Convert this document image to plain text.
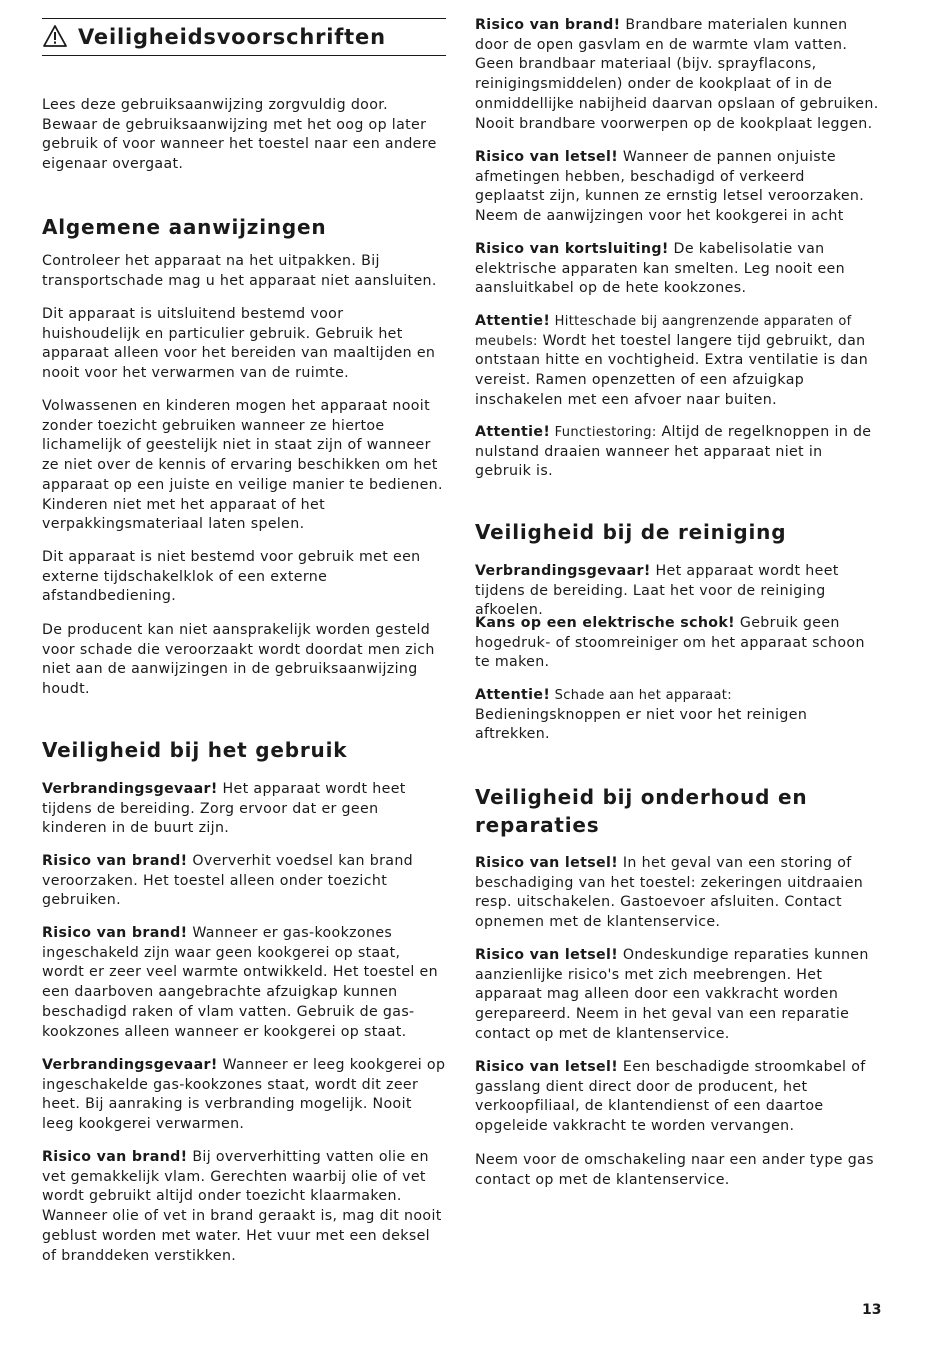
Veiligheidsvoorschriften

Lees deze gebruiksaanwijzing zorgvuldig door. Bewaar de gebruiksaanwijzing met het oog op later gebruik of voor wanneer het toestel naar een andere eigenaar overgaat.

Algemene aanwijzingen

Controleer het apparaat na het uitpakken. Bij transportschade mag u het apparaat niet aansluiten.

Dit apparaat is uitsluitend bestemd voor huishoudelijk en particulier gebruik. Gebruik het apparaat alleen voor het bereiden van maaltijden en nooit voor het verwarmen van de ruimte.

Volwassenen en kinderen mogen het apparaat nooit zonder toezicht gebruiken wanneer ze hiertoe lichamelijk of geestelijk niet in staat zijn of wanneer ze niet over de kennis of ervaring beschikken om het apparaat op een juiste en veilige manier te bedienen. Kinderen niet met het apparaat of het verpakkingsmateriaal laten spelen.

Dit apparaat is niet bestemd voor gebruik met een externe tijdschakelklok of een externe afstandbediening.

De producent kan niet aansprakelijk worden gesteld voor schade die veroorzaakt wordt doordat men zich niet aan de aanwijzingen in de gebruiksaanwijzing houdt.

Veiligheid bij het gebruik

Verbrandingsgevaar! Het apparaat wordt heet tijdens de bereiding. Zorg ervoor dat er geen kinderen in de buurt zijn.

Risico van brand! Oververhit voedsel kan brand veroorzaken. Het toestel alleen onder toezicht gebruiken.

Risico van brand! Wanneer er gas-kookzones ingeschakeld zijn waar geen kookgerei op staat, wordt er zeer veel warmte ontwikkeld. Het toestel en een daarboven aangebrachte afzuigkap kunnen beschadigd raken of vlam vatten. Gebruik de gas-kookzones alleen wanneer er kookgerei op staat.

Verbrandingsgevaar! Wanneer er leeg kookgerei op ingeschakelde gas-kookzones staat, wordt dit zeer heet. Bij aanraking is verbranding mogelijk. Nooit leeg kookgerei verwarmen.

Risico van brand! Bij oververhitting vatten olie en vet gemakkelijk vlam. Gerechten waarbij olie of vet wordt gebruikt altijd onder toezicht klaarmaken. Wanneer olie of vet in brand geraakt is, mag dit nooit geblust worden met water. Het vuur met een deksel of branddeken verstikken.

Risico van brand! Brandbare materialen kunnen door de open gasvlam en de warmte vlam vatten. Geen brandbaar materiaal (bijv. sprayflacons, reinigingsmiddelen) onder de kookplaat of in de onmiddellijke nabijheid daarvan opslaan of gebruiken. Nooit brandbare voorwerpen op de kookplaat leggen.

Risico van letsel! Wanneer de pannen onjuiste afmetingen hebben, beschadigd of verkeerd geplaatst zijn, kunnen ze ernstig letsel veroorzaken. Neem de aanwijzingen voor het kookgerei in acht

Risico van kortsluiting! De kabelisolatie van elektrische apparaten kan smelten. Leg nooit een aansluitkabel op de hete kookzones.

Attentie! Hitteschade bij aangrenzende apparaten of meubels: Wordt het toestel langere tijd gebruikt, dan ontstaan hitte en vochtigheid. Extra ventilatie is dan vereist. Ramen openzetten of een afzuigkap inschakelen met een afvoer naar buiten.

Attentie! Functiestoring: Altijd de regelknoppen in de nulstand draaien wanneer het apparaat niet in gebruik is.

Veiligheid bij de reiniging

Verbrandingsgevaar! Het apparaat wordt heet tijdens de bereiding. Laat het voor de reiniging afkoelen.

Kans op een elektrische schok! Gebruik geen hogedruk- of stoomreiniger om het apparaat schoon te maken.

Attentie! Schade aan het apparaat: Bedieningsknoppen er niet voor het reinigen aftrekken.

Veiligheid bij onderhoud en reparaties

Risico van letsel! In het geval van een storing of beschadiging van het toestel: zekeringen uitdraaien resp. uitschakelen. Gastoevoer afsluiten. Contact opnemen met de klantenservice.

Risico van letsel! Ondeskundige reparaties kunnen aanzienlijke risico's met zich meebrengen. Het apparaat mag alleen door een vakkracht worden gerepareerd. Neem in het geval van een reparatie contact op met de klantenservice.

Risico van letsel! Een beschadigde stroomkabel of gasslang dient direct door de producent, het verkoopfiliaal, de klantendienst of een daartoe opgeleide vakkracht te worden vervangen.

Neem voor de omschakeling naar een ander type gas contact op met de klantenservice.

13
